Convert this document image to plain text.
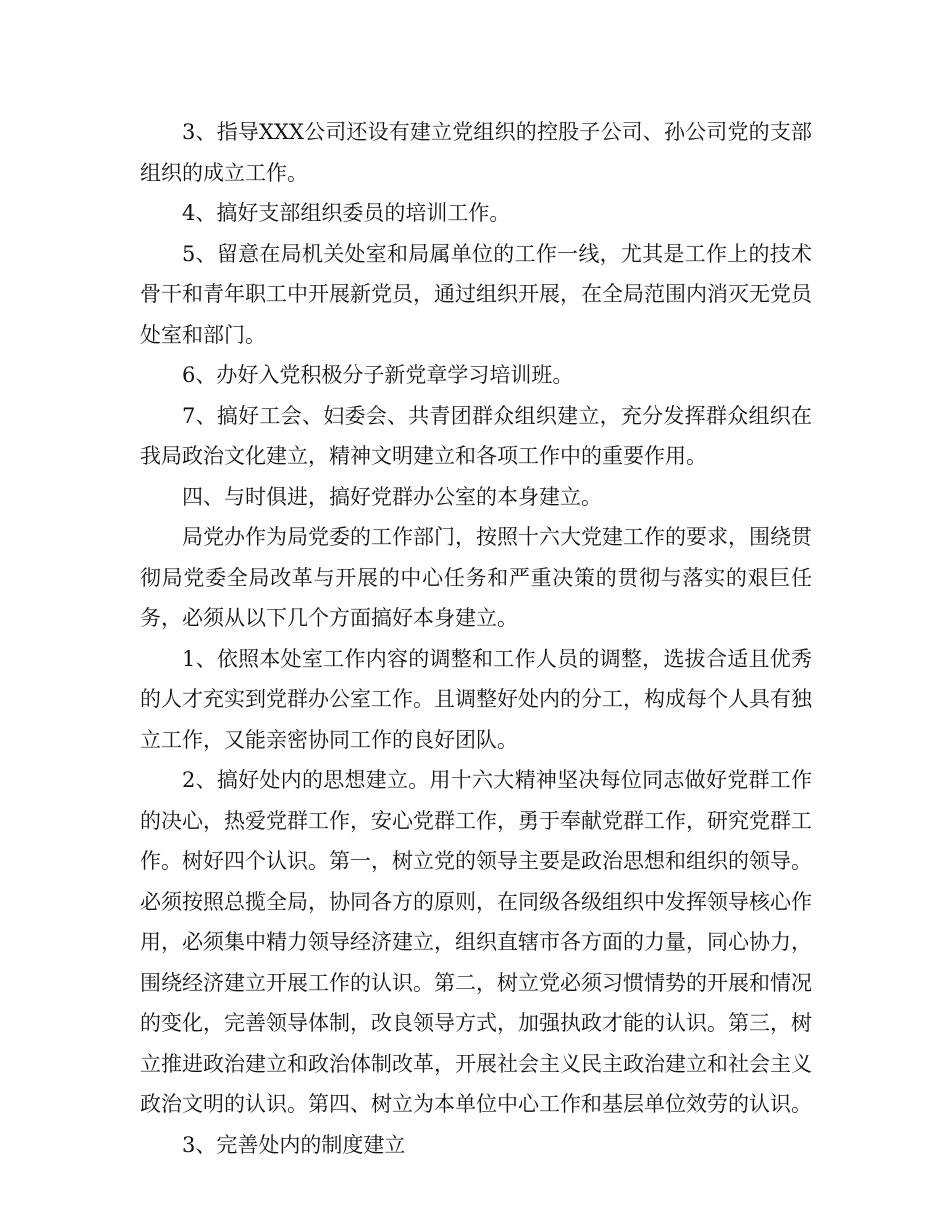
3、指导XXX公司还设有建立党组织的控股子公司、孙公司党的支部组织的成立工作。

4、搞好支部组织委员的培训工作。

5、留意在局机关处室和局属单位的工作一线，尤其是工作上的技术骨干和青年职工中开展新党员，通过组织开展，在全局范围内消灭无党员处室和部门。

6、办好入党积极分子新党章学习培训班。

7、搞好工会、妇委会、共青团群众组织建立，充分发挥群众组织在我局政治文化建立，精神文明建立和各项工作中的重要作用。

四、与时俱进，搞好党群办公室的本身建立。

局党办作为局党委的工作部门，按照十六大党建工作的要求，围绕贯彻局党委全局改革与开展的中心任务和严重决策的贯彻与落实的艰巨任务，必须从以下几个方面搞好本身建立。

1、依照本处室工作内容的调整和工作人员的调整，选拔合适且优秀的人才充实到党群办公室工作。且调整好处内的分工，构成每个人具有独立工作，又能亲密协同工作的良好团队。

2、搞好处内的思想建立。用十六大精神坚决每位同志做好党群工作的决心，热爱党群工作，安心党群工作，勇于奉献党群工作，研究党群工作。树好四个认识。第一，树立党的领导主要是政治思想和组织的领导。必须按照总揽全局，协同各方的原则，在同级各级组织中发挥领导核心作用，必须集中精力领导经济建立，组织直辖市各方面的力量，同心协力，围绕经济建立开展工作的认识。第二，树立党必须习惯情势的开展和情况的变化，完善领导体制，改良领导方式，加强执政才能的认识。第三，树立推进政治建立和政治体制改革，开展社会主义民主政治建立和社会主义政治文明的认识。第四、树立为本单位中心工作和基层单位效劳的认识。

3、完善处内的制度建立
